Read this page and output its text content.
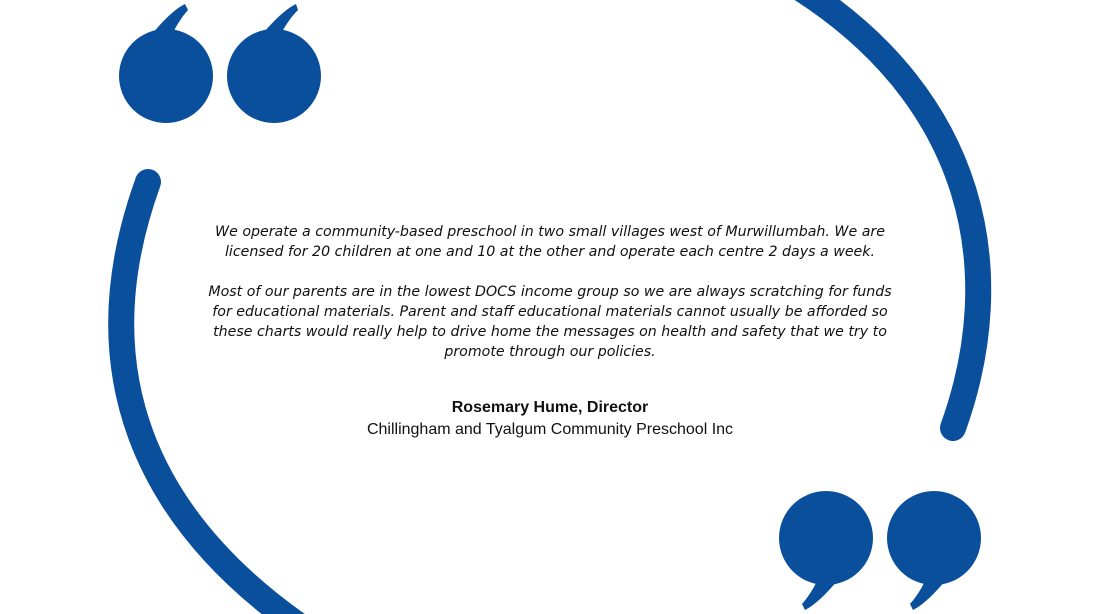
We operate a community-based preschool in two small villages west of Murwillumbah. We are licensed for 20 children at one and 10 at the other and operate each centre 2 days a week.

Most of our parents are in the lowest DOCS income group so we are always scratching for funds for educational materials. Parent and staff educational materials cannot usually be afforded so these charts would really help to drive home the messages on health and safety that we try to promote through our policies.

Rosemary Hume, Director

Chillingham and Tyalgum Community Preschool Inc
